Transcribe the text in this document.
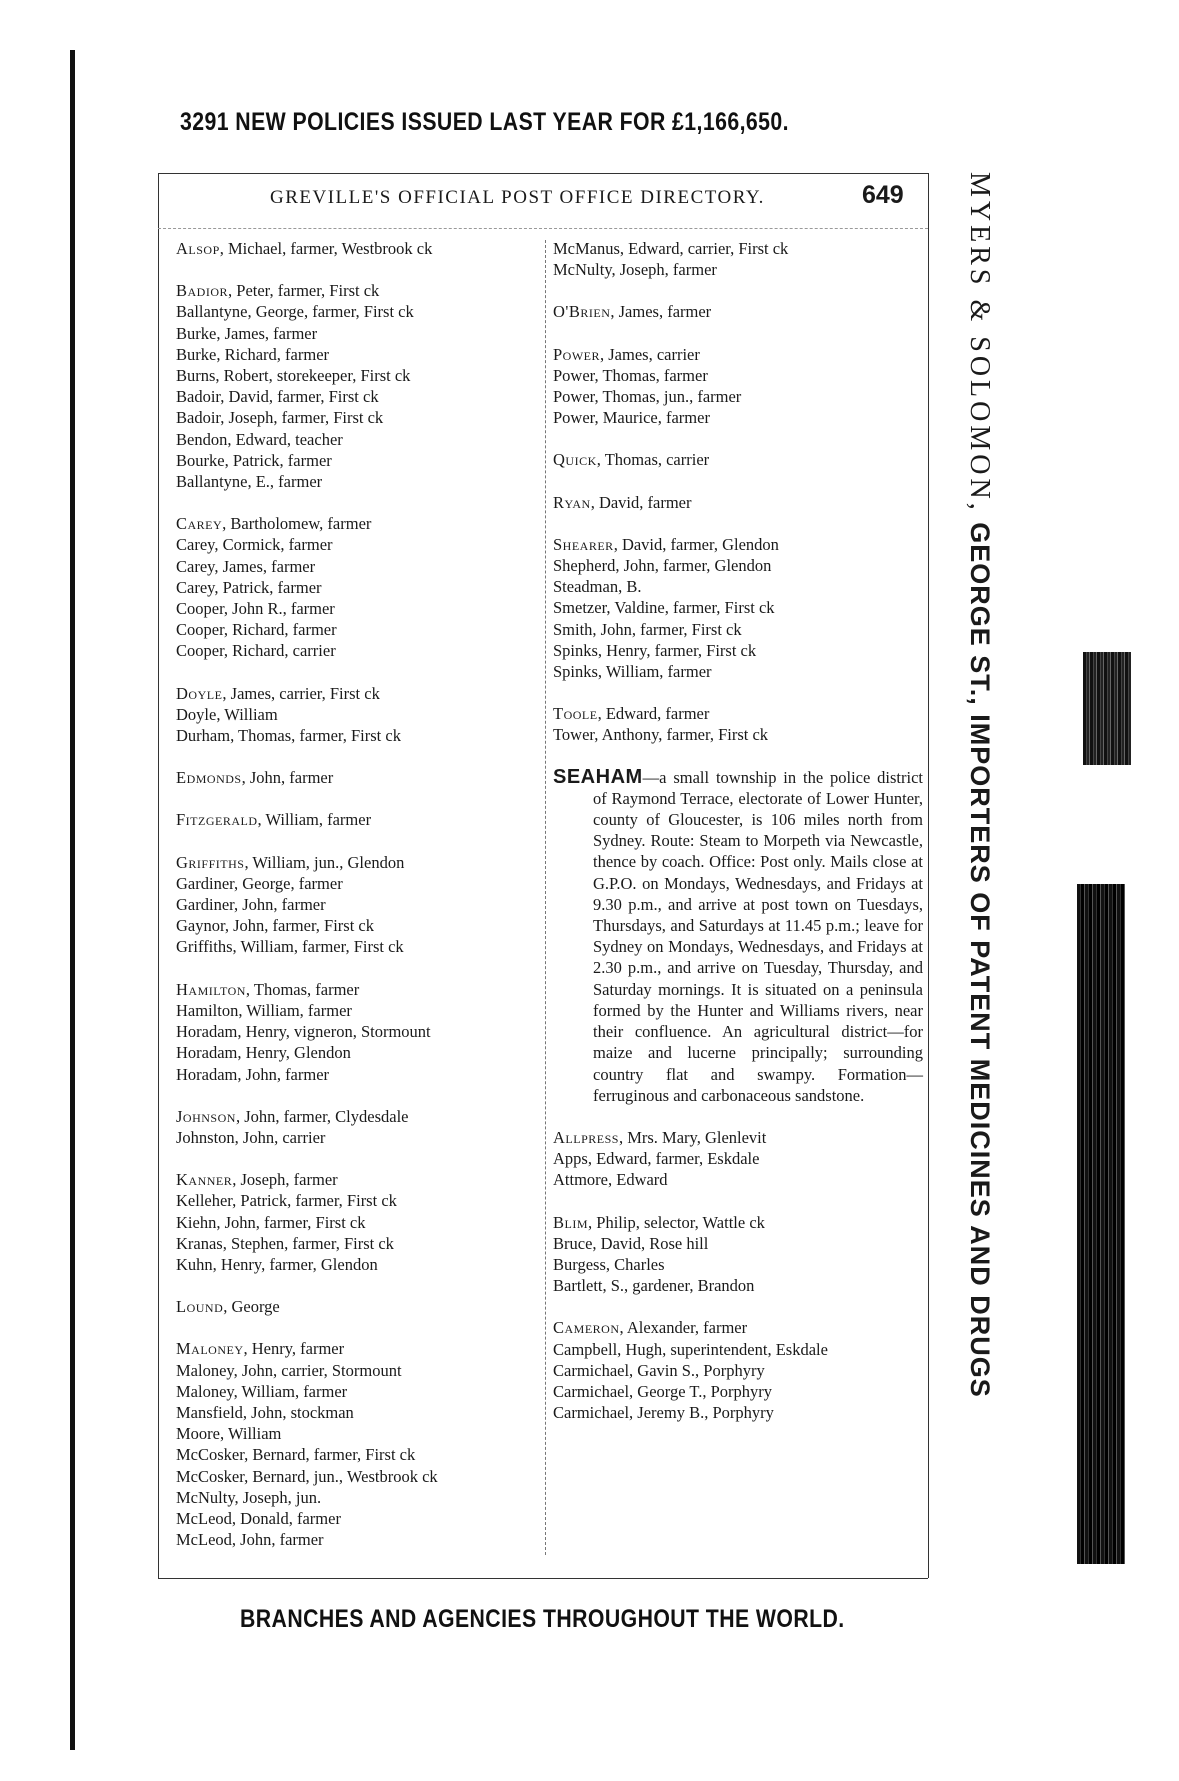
3291 NEW POLICIES ISSUED LAST YEAR FOR £1,166,650.
GREVILLE'S OFFICIAL POST OFFICE DIRECTORY.	649
Alsop, Michael, farmer, Westbrook ck
Badior, Peter, farmer, First ck
Ballantyne, George, farmer, First ck
Burke, James, farmer
Burke, Richard, farmer
Burns, Robert, storekeeper, First ck
Badoir, David, farmer, First ck
Badoir, Joseph, farmer, First ck
Bendon, Edward, teacher
Bourke, Patrick, farmer
Ballantyne, E., farmer
Carey, Bartholomew, farmer
Carey, Cormick, farmer
Carey, James, farmer
Carey, Patrick, farmer
Cooper, John R., farmer
Cooper, Richard, farmer
Cooper, Richard, carrier
Doyle, James, carrier, First ck
Doyle, William
Durham, Thomas, farmer, First ck
Edmonds, John, farmer
Fitzgerald, William, farmer
Griffiths, William, jun., Glendon
Gardiner, George, farmer
Gardiner, John, farmer
Gaynor, John, farmer, First ck
Griffiths, William, farmer, First ck
Hamilton, Thomas, farmer
Hamilton, William, farmer
Horadam, Henry, vigneron, Stormount
Horadam, Henry, Glendon
Horadam, John, farmer
Johnson, John, farmer, Clydesdale
Johnston, John, carrier
Kanner, Joseph, farmer
Kelleher, Patrick, farmer, First ck
Kiehn, John, farmer, First ck
Kranas, Stephen, farmer, First ck
Kuhn, Henry, farmer, Glendon
Lound, George
Maloney, Henry, farmer
Maloney, John, carrier, Stormount
Maloney, William, farmer
Mansfield, John, stockman
Moore, William
McCosker, Bernard, farmer, First ck
McCosker, Bernard, jun., Westbrook ck
McNulty, Joseph, jun.
McLeod, Donald, farmer
McLeod, John, farmer
McManus, Edward, carrier, First ck
McNulty, Joseph, farmer
O'Brien, James, farmer
Power, James, carrier
Power, Thomas, farmer
Power, Thomas, jun., farmer
Power, Maurice, farmer
Quick, Thomas, carrier
Ryan, David, farmer
Shearer, David, farmer, Glendon
Shepherd, John, farmer, Glendon
Steadman, B.
Smetzer, Valdine, farmer, First ck
Smith, John, farmer, First ck
Spinks, Henry, farmer, First ck
Spinks, William, farmer
Toole, Edward, farmer
Tower, Anthony, farmer, First ck
SEAHAM—a small township in the police district of Raymond Terrace, electorate of Lower Hunter, county of Gloucester, is 106 miles north from Sydney. Route: Steam to Morpeth via Newcastle, thence by coach. Office: Post only. Mails close at G.P.O. on Mondays, Wednesdays, and Fridays at 9.30 p.m., and arrive at post town on Tuesdays, Thursdays, and Saturdays at 11.45 p.m.; leave for Sydney on Mondays, Wednesdays, and Fridays at 2.30 p.m., and arrive on Tuesday, Thursday, and Saturday mornings. It is situated on a peninsula formed by the Hunter and Williams rivers, near their confluence. An agricultural district—for maize and lucerne principally; surrounding country flat and swampy. Formation—ferruginous and carbonaceous sandstone.
Allpress, Mrs. Mary, Glenlevit
Apps, Edward, farmer, Eskdale
Attmore, Edward
Blim, Philip, selector, Wattle ck
Bruce, David, Rose hill
Burgess, Charles
Bartlett, S., gardener, Brandon
Cameron, Alexander, farmer
Campbell, Hugh, superintendent, Eskdale
Carmichael, Gavin S., Porphyry
Carmichael, George T., Porphyry
Carmichael, Jeremy B., Porphyry
MYERS & SOLOMON, GEORGE ST., IMPORTERS OF PATENT MEDICINES AND DRUGS
BRANCHES AND AGENCIES THROUGHOUT THE WORLD.
